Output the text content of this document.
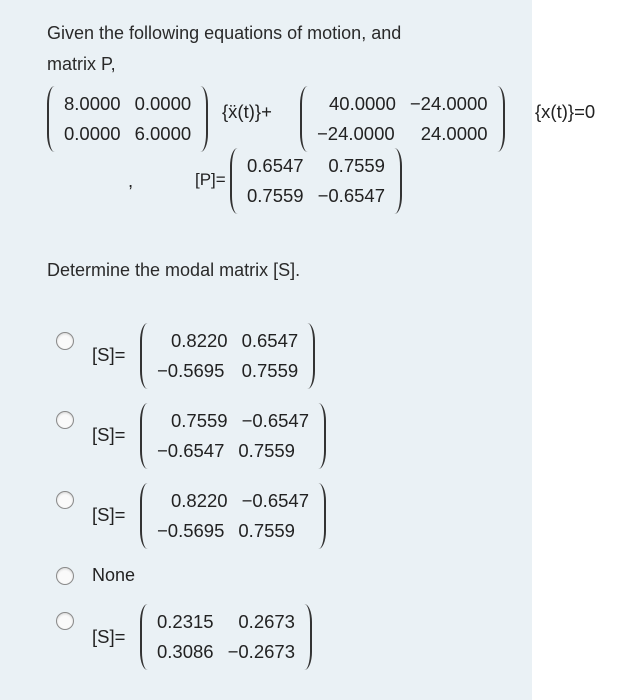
Given the following equations of motion, and
matrix P,
8.0000 0.0000
0.0000 6.0000
{ẍ(t)}+	40.0000 −24.0000
−24.0000 24.0000
{x(t)}=0
,	[P]=
0.6547 0.7559
0.7559 −0.6547
Determine the modal matrix [S].
[S]=
0.8220 0.6547
−0.5695 0.7559
[S]=
0.7559 −0.6547
−0.6547 0.7559
[S]=
0.8220 −0.6547
−0.5695 0.7559
None
[S]=
0.2315 0.2673
0.3086 −0.2673
